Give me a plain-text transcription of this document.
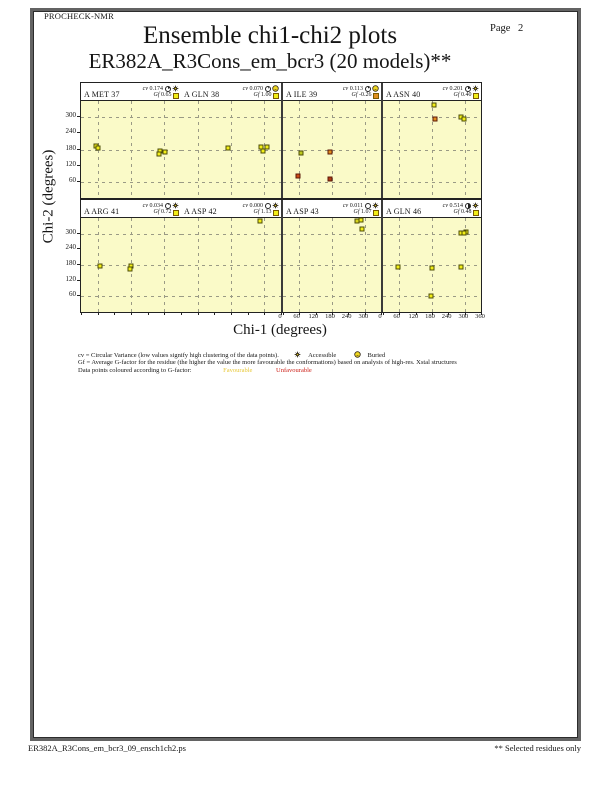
PROCHECK-NMR
Page 2
Ensemble chi1-chi2 plots
ER382A_R3Cons_em_bcr3 (20 models)**
Chi-2 (degrees)
Chi-1 (degrees)
cv = Circular Variance (low values signify high clustering of the data points).	Accessible	Buried
Gf = Average G-factor for the residue (the higher the value the more favourable the conformations) based on analysis of high-res. Xstal structures
Data points coloured according to G-factor:	Favourable	Unfavourable
ER382A_R3Cons_em_bcr3_09_ensch1ch2.ps	** Selected residues only
A MET 37
cv 0.174
Gf 0.65 A GLN 38
cv 0.070
Gf 1.00 A ILE 39
cv 0.113
Gf -0.26 A ASN 40
cv 0.201
Gf 0.40
A ARG 41
cv 0.034
Gf 0.72 A ASP 42
cv 0.000
Gf 1.13 A ASP 43
cv 0.011
Gf 1.07 A GLN 46
cv 0.514
Gf 0.48
300
300
240
240
180
180
120
120
60
60
0	60	120	180	240	300	0	60	120	180	240	300	360
